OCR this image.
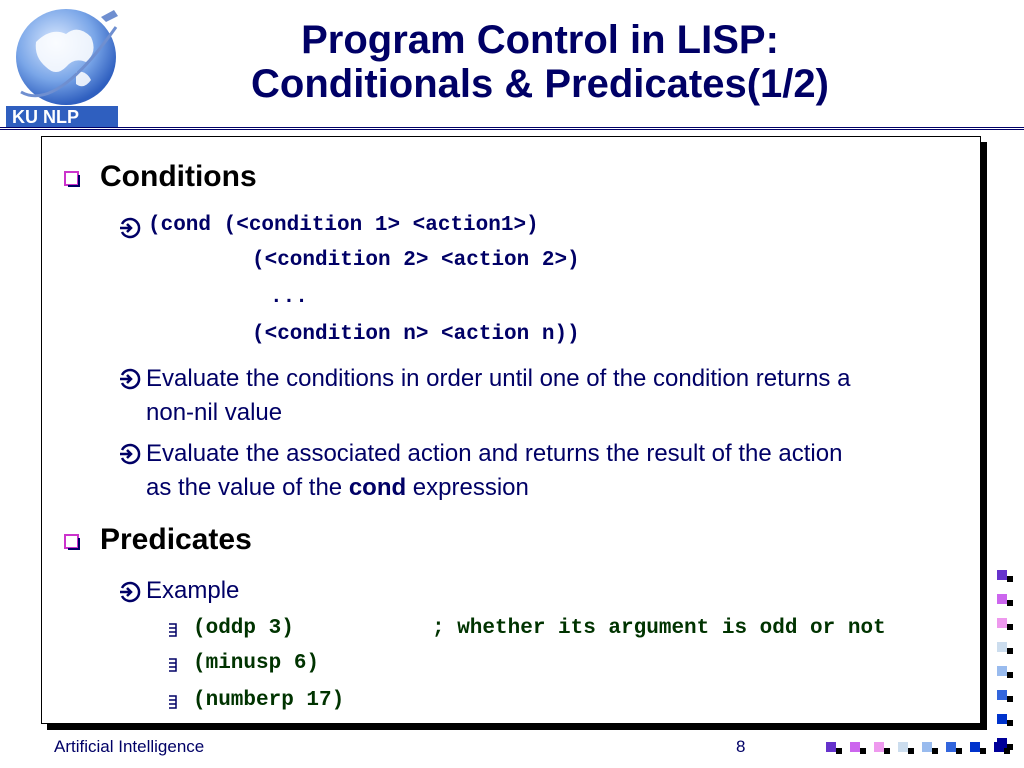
KU NLP
Program Control in LISP:
Conditionals & Predicates(1/2)
Conditions
(cond (<condition 1> <action1>)
(<condition 2> <action 2>)
...
(<condition n> <action n))
Evaluate the conditions in order until one of the condition returns a
non-nil value
Evaluate the associated action and returns the result of the action
as the value of the cond expression
Predicates
Example
(oddp 3)	; whether its argument is odd or not
(minusp 6)
(numberp 17)
Artificial Intelligence	8
